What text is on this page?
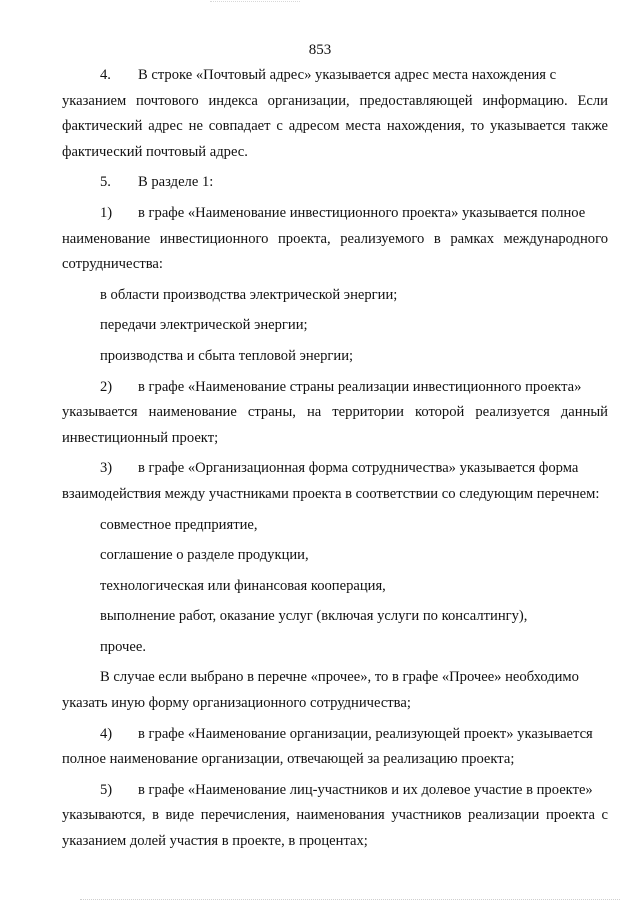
853

4. В строке «Почтовый адрес» указывается адрес места нахождения с
указанием почтового индекса организации, предоставляющей информацию. Если фактический адрес не совпадает с адресом места нахождения, то указывается также фактический почтовый адрес.

5. В разделе 1:

1) в графе «Наименование инвестиционного проекта» указывается полное
наименование инвестиционного проекта, реализуемого в рамках международного сотрудничества:

в области производства электрической энергии;

передачи электрической энергии;

производства и сбыта тепловой энергии;

2) в графе «Наименование страны реализации инвестиционного проекта»
указывается наименование страны, на территории которой реализуется данный инвестиционный проект;

3) в графе «Организационная форма сотрудничества» указывается форма
взаимодействия между участниками проекта в соответствии со следующим перечнем:

совместное предприятие,

соглашение о разделе продукции,

технологическая или финансовая кооперация,

выполнение работ, оказание услуг (включая услуги по консалтингу),

прочее.

В случае если выбрано в перечне «прочее», то в графе «Прочее» необходимо
указать иную форму организационного сотрудничества;

4) в графе «Наименование организации, реализующей проект» указывается
полное наименование организации, отвечающей за реализацию проекта;

5) в графе «Наименование лиц-участников и их долевое участие в проекте»
указываются, в виде перечисления, наименования участников реализации проекта с указанием долей участия в проекте, в процентах;
